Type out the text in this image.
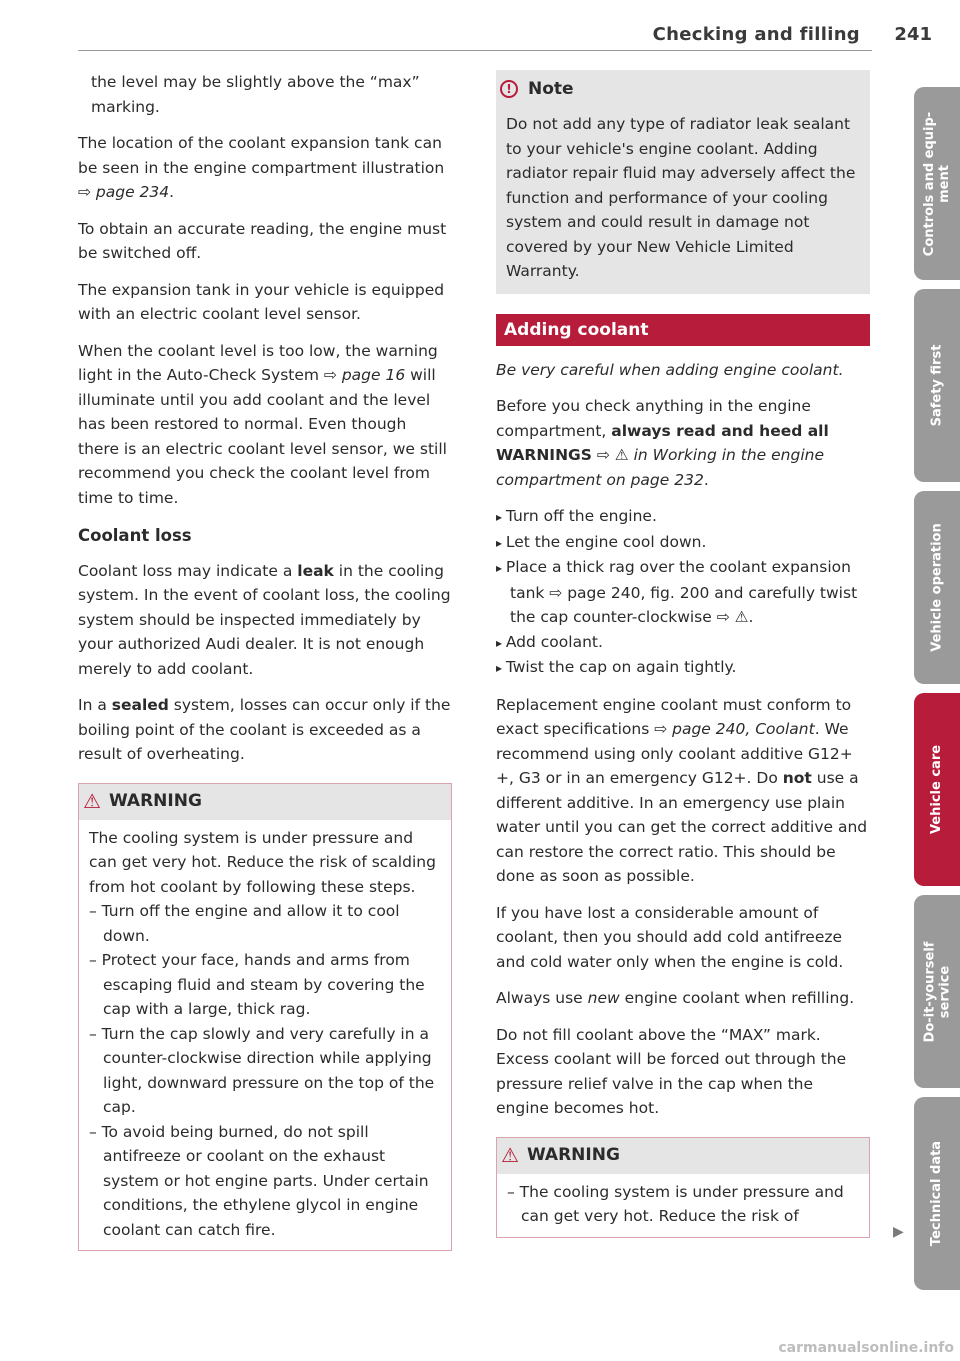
Checking and filling 241
the level may be slightly above the “max” marking.
The location of the coolant expansion tank can be seen in the engine compartment illustration ⇨ page 234.
To obtain an accurate reading, the engine must be switched off.
The expansion tank in your vehicle is equipped with an electric coolant level sensor.
When the coolant level is too low, the warning light in the Auto-Check System ⇨ page 16 will illuminate until you add coolant and the level has been restored to normal. Even though there is an electric coolant level sensor, we still recommend you check the coolant level from time to time.
Coolant loss
Coolant loss may indicate a leak in the cooling system. In the event of coolant loss, the cooling system should be inspected immediately by your authorized Audi dealer. It is not enough merely to add coolant.
In a sealed system, losses can occur only if the boiling point of the coolant is exceeded as a result of overheating.
⚠ WARNING
The cooling system is under pressure and can get very hot. Reduce the risk of scalding from hot coolant by following these steps.
– Turn off the engine and allow it to cool down.
– Protect your face, hands and arms from escaping fluid and steam by covering the cap with a large, thick rag.
– Turn the cap slowly and very carefully in a counter-clockwise direction while applying light, downward pressure on the top of the cap.
– To avoid being burned, do not spill antifreeze or coolant on the exhaust system or hot engine parts. Under certain conditions, the ethylene glycol in engine coolant can catch fire.
! Note
Do not add any type of radiator leak sealant to your vehicle's engine coolant. Adding radiator repair fluid may adversely affect the function and performance of your cooling system and could result in damage not covered by your New Vehicle Limited Warranty.
Adding coolant
Be very careful when adding engine coolant.
Before you check anything in the engine compartment, always read and heed all WARNINGS ⇨ ⚠ in Working in the engine compartment on page 232.
▸ Turn off the engine.
▸ Let the engine cool down.
▸ Place a thick rag over the coolant expansion tank ⇨ page 240, fig. 200 and carefully twist the cap counter-clockwise ⇨ ⚠.
▸ Add coolant.
▸ Twist the cap on again tightly.
Replacement engine coolant must conform to exact specifications ⇨ page 240, Coolant. We recommend using only coolant additive G12+ +, G3 or in an emergency G12+. Do not use a different additive. In an emergency use plain water until you can get the correct additive and can restore the correct ratio. This should be done as soon as possible.
If you have lost a considerable amount of coolant, then you should add cold antifreeze and cold water only when the engine is cold.
Always use new engine coolant when refilling.
Do not fill coolant above the “MAX” mark. Excess coolant will be forced out through the pressure relief valve in the cap when the engine becomes hot.
⚠ WARNING
– The cooling system is under pressure and can get very hot. Reduce the risk of
▶
Controls and equip-
ment
Safety first
Vehicle operation
Vehicle care
Do-it-yourself
service
Technical data
carmanualsonline.info
